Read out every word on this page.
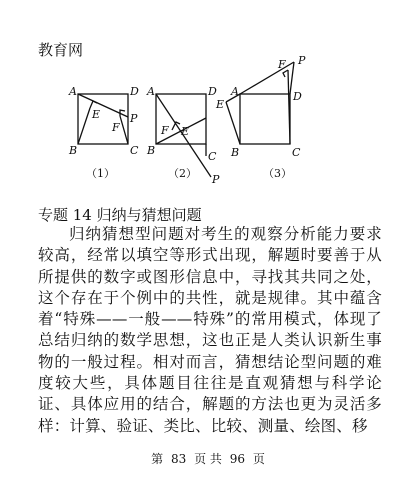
教育网
A	D
E
F
P
B	C
（1）
A	D
F E
B	C
P
（2）
F P
A	D
E
B	C
（3）
专题 14 归纳与猜想问题

归纳猜想型问题对考生的观察分析能力要求较高，经常以填空等形式出现，解题时要善于从所提供的数字或图形信息中，寻找其共同之处，这个存在于个例中的共性，就是规律。其中蕴含着“特殊——一般——特殊”的常用模式，体现了总结归纳的数学思想，这也正是人类认识新生事物的一般过程。相对而言，猜想结论型问题的难度较大些，具体题目往往是直观猜想与科学论证、具体应用的结合，解题的方法也更为灵活多样：计算、验证、类比、比较、测量、绘图、移

第 83 页 共 96 页
